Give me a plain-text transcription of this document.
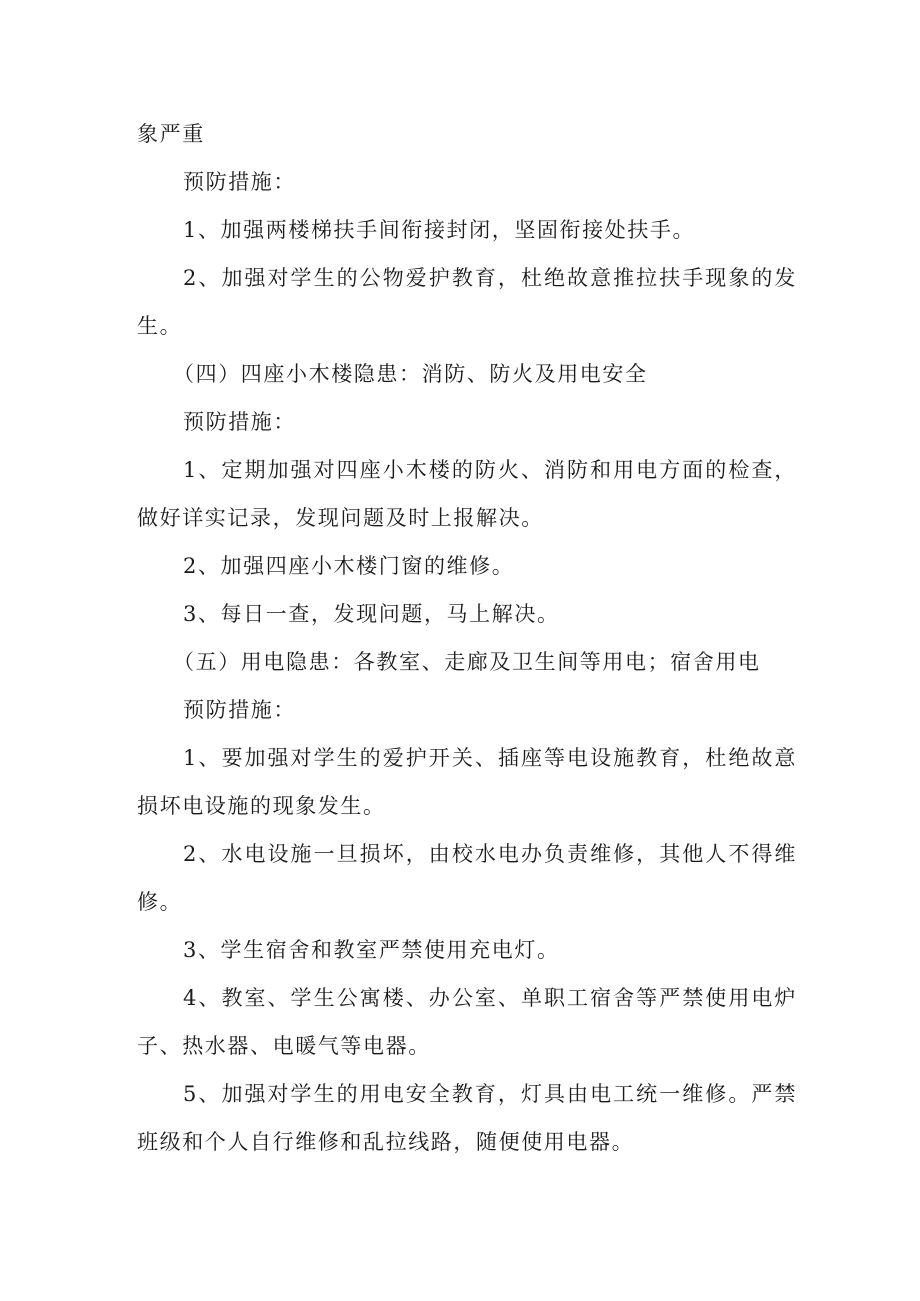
象严重

预防措施：

1、加强两楼梯扶手间衔接封闭，坚固衔接处扶手。

2、加强对学生的公物爱护教育，杜绝故意推拉扶手现象的发生。

（四）四座小木楼隐患：消防、防火及用电安全

预防措施：

1、定期加强对四座小木楼的防火、消防和用电方面的检查，做好详实记录，发现问题及时上报解决。

2、加强四座小木楼门窗的维修。

3、每日一查，发现问题，马上解决。

（五）用电隐患：各教室、走廊及卫生间等用电；宿舍用电

预防措施：

1、要加强对学生的爱护开关、插座等电设施教育，杜绝故意损坏电设施的现象发生。

2、水电设施一旦损坏，由校水电办负责维修，其他人不得维修。

3、学生宿舍和教室严禁使用充电灯。

4、教室、学生公寓楼、办公室、单职工宿舍等严禁使用电炉子、热水器、电暖气等电器。

5、加强对学生的用电安全教育，灯具由电工统一维修。严禁班级和个人自行维修和乱拉线路，随便使用电器。
